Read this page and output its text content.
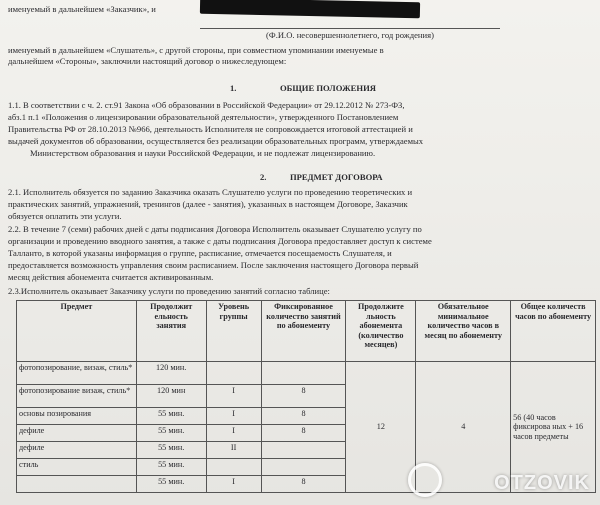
именуемый в дальнейшем «Заказчик», и
(Ф.И.О. несовершеннолетнего, год рождения)
именуемый в дальнейшем «Слушатель», с другой стороны, при совместном упоминании именуемые в
дальнейшем «Стороны», заключили настоящий договор о нижеследующем:
1.	ОБЩИЕ ПОЛОЖЕНИЯ
1.1. В соответствии с ч. 2. ст.91 Закона «Об образовании в Российской Федерации» от 29.12.2012 № 273-ФЗ,
абз.1 п.1 «Положения о лицензировании образовательной деятельности», утвержденного Постановлением
Правительства РФ от 28.10.2013 №966, деятельность Исполнителя не сопровождается итоговой аттестацией и
выдачей документов об образовании, осуществляется без реализации образовательных программ, утверждаемых
Министерством образования и науки Российской Федерации, и не подлежат лицензированию.
2.	ПРЕДМЕТ ДОГОВОРА
2.1. Исполнитель обязуется по заданию Заказчика оказать Слушателю услуги по проведению теоретических и
практических занятий, упражнений, тренингов (далее - занятия), указанных в настоящем Договоре, Заказчик
обязуется оплатить эти услуги.
2.2. В течение 7 (семи) рабочих дней с даты подписания Договора Исполнитель оказывает Слушателю услугу по
организации и проведению вводного занятия, а также с даты подписания Договора предоставляет доступ к системе
Талланто, в которой указаны информация о группе, расписание, отмечается посещаемость Слушателя, и
предоставляется возможность управления своим расписанием. После заключения настоящего Договора первый
месяц действия абонемента считается активированным.
2.3.Исполнитель оказывает Заказчику услуги по проведению занятий согласно таблице:
Предмет	Продолжит ельность занятия	Уровень группы	Фиксированное количество занятий по абонементу	Продолжите льность абонемента (количество месяцев)	Обязательное минимальное количество часов в месяц по абонементу	Общее количеств часов по абонементу
фотопозирование, визаж, стиль*	120 мин.			12	4	56 (40 часов фиксирова ных + 16 часов предметы
фотопозирование визаж, стиль*	120 мин	I	8			
основы позирования	55 мин.	I	8			
дефиле	55 мин.	I	8			
дефиле	55 мин.	II				
стиль	55 мин.					
	55 мин.	I	8				OTZOVIK
